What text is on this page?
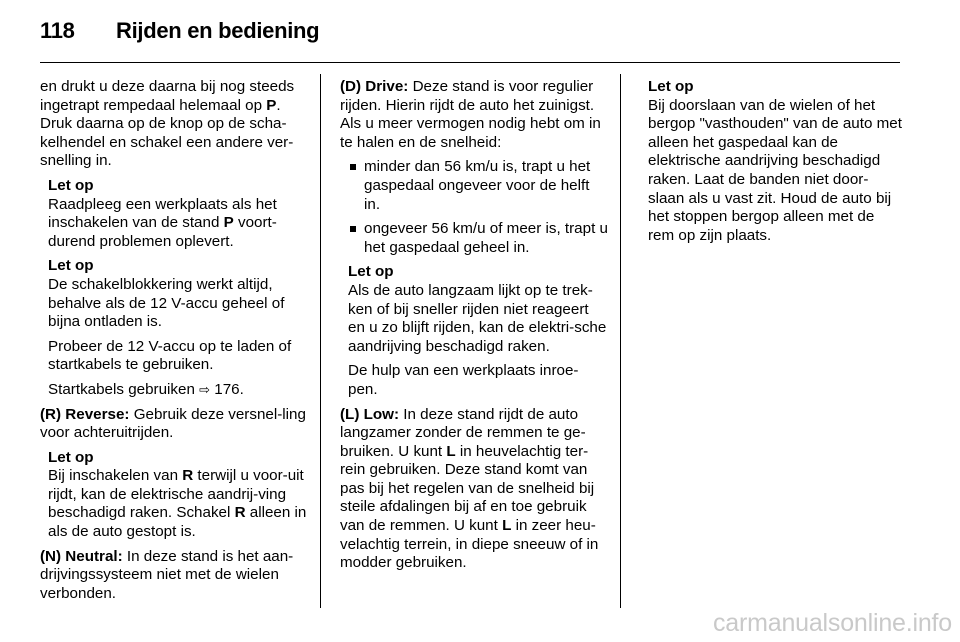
118 Rijden en bediening

en drukt u deze daarna bij nog steeds ingetrapt rempedaal helemaal op P. Druk daarna op de knop op de scha-kelhendel en schakel een andere ver-snelling in.

Let op

Raadpleeg een werkplaats als het inschakelen van de stand P voort-durend problemen oplevert.

Let op

De schakelblokkering werkt altijd, behalve als de 12 V-accu geheel of bijna ontladen is.

Probeer de 12 V-accu op te laden of startkabels te gebruiken.

Startkabels gebruiken ⇨ 176.

(R) Reverse: Gebruik deze versnel-ling voor achteruitrijden.

Let op

Bij inschakelen van R terwijl u voor-uit rijdt, kan de elektrische aandrij-ving beschadigd raken. Schakel R alleen in als de auto gestopt is.

(N) Neutral: In deze stand is het aan-drijvingssysteem niet met de wielen verbonden.

(D) Drive: Deze stand is voor regulier rijden. Hierin rijdt de auto het zuinigst. Als u meer vermogen nodig hebt om in te halen en de snelheid:

minder dan 56 km/u is, trapt u het gaspedaal ongeveer voor de helft in.
ongeveer 56 km/u of meer is, trapt u het gaspedaal geheel in.
Let op

Als de auto langzaam lijkt op te trek-ken of bij sneller rijden niet reageert en u zo blijft rijden, kan de elektri-sche aandrijving beschadigd raken.

De hulp van een werkplaats inroe-pen.

(L) Low: In deze stand rijdt de auto langzamer zonder de remmen te ge-bruiken. U kunt L in heuvelachtig ter-rein gebruiken. Deze stand komt van pas bij het regelen van de snelheid bij steile afdalingen bij af en toe gebruik van de remmen. U kunt L in zeer heu-velachtig terrein, in diepe sneeuw of in modder gebruiken.

Let op

Bij doorslaan van de wielen of het bergop "vasthouden" van de auto met alleen het gaspedaal kan de elektrische aandrijving beschadigd raken. Laat de banden niet door-slaan als u vast zit. Houd de auto bij het stoppen bergop alleen met de rem op zijn plaats.

carmanualsonline.info
